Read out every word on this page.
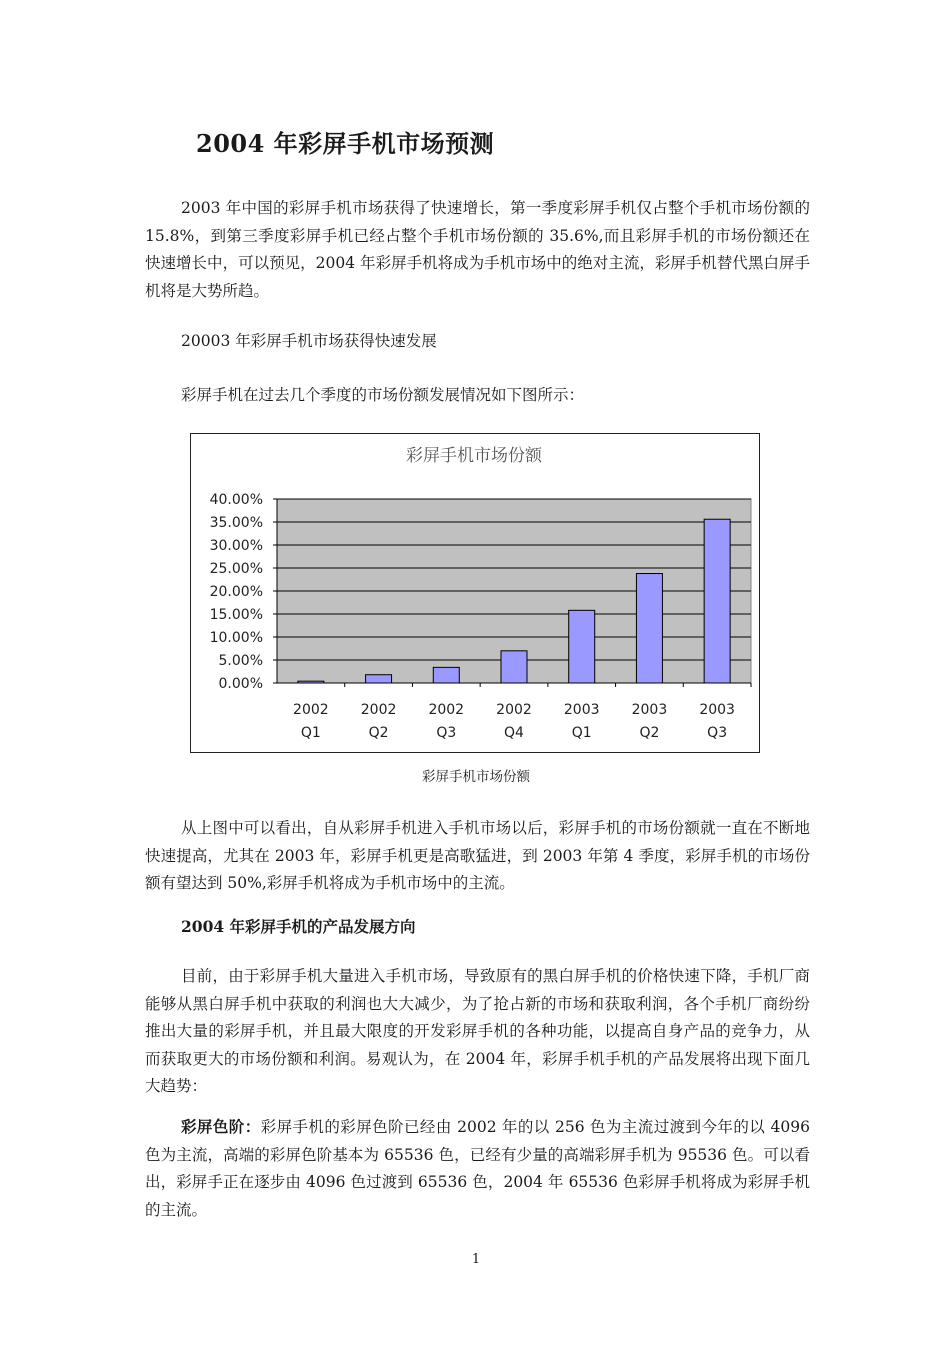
2004 年彩屏手机市场预测
2003 年中国的彩屏手机市场获得了快速增长，第一季度彩屏手机仅占整个手机市场份额的 15.8%，到第三季度彩屏手机已经占整个手机市场份额的 35.6%,而且彩屏手机的市场份额还在快速增长中，可以预见，2004 年彩屏手机将成为手机市场中的绝对主流，彩屏手机替代黑白屏手机将是大势所趋。
20003 年彩屏手机市场获得快速发展
彩屏手机在过去几个季度的市场份额发展情况如下图所示：
彩屏手机市场份额
0.00%
5.00%
10.00%
15.00%
20.00%
25.00%
30.00%
35.00%
40.00%
2002
Q1
2002
Q2
2002
Q3
2002
Q4
2003
Q1
2003
Q2
2003
Q3
彩屏手机市场份额
从上图中可以看出，自从彩屏手机进入手机市场以后，彩屏手机的市场份额就一直在不断地快速提高，尤其在 2003 年，彩屏手机更是高歌猛进，到 2003 年第 4 季度，彩屏手机的市场份额有望达到 50%,彩屏手机将成为手机市场中的主流。
2004 年彩屏手机的产品发展方向
目前，由于彩屏手机大量进入手机市场，导致原有的黑白屏手机的价格快速下降，手机厂商能够从黑白屏手机中获取的利润也大大减少，为了抢占新的市场和获取利润，各个手机厂商纷纷推出大量的彩屏手机，并且最大限度的开发彩屏手机的各种功能，以提高自身产品的竞争力，从而获取更大的市场份额和利润。易观认为，在 2004 年，彩屏手机手机的产品发展将出现下面几大趋势：
彩屏色阶：彩屏手机的彩屏色阶已经由 2002 年的以 256 色为主流过渡到今年的以 4096 色为主流，高端的彩屏色阶基本为 65536 色，已经有少量的高端彩屏手机为 95536 色。可以看出，彩屏手正在逐步由 4096 色过渡到 65536 色，2004 年 65536 色彩屏手机将成为彩屏手机的主流。
1
